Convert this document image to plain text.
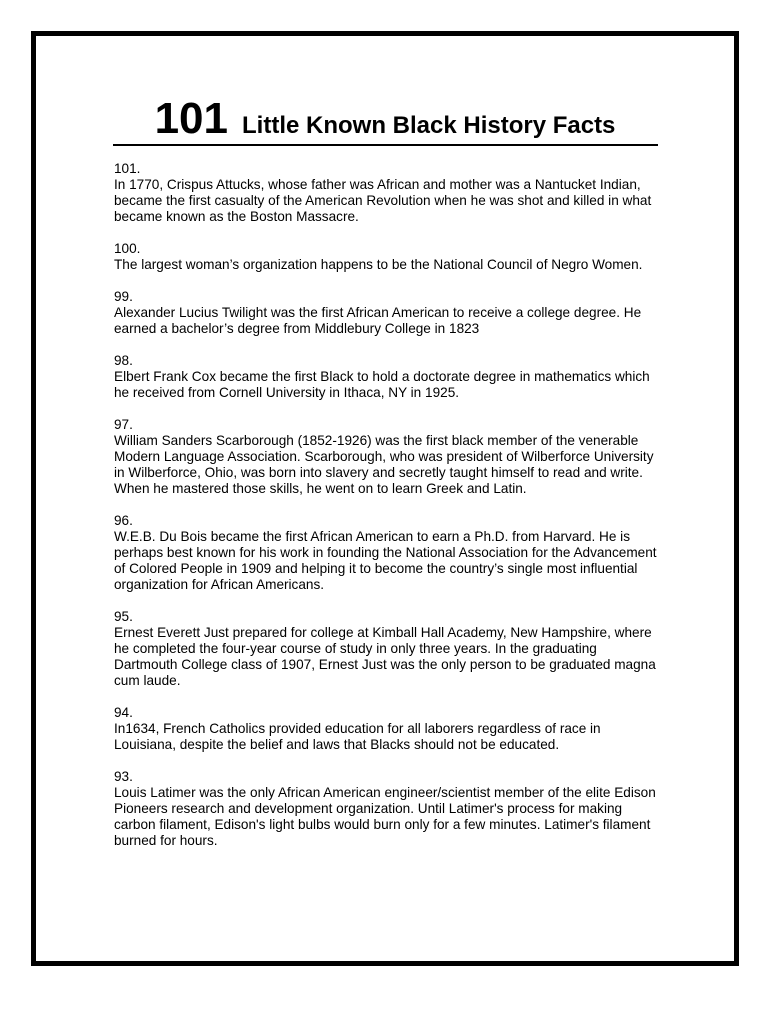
101 Little Known Black History Facts
101.
In 1770, Crispus Attucks, whose father was African and mother was a Nantucket Indian, became the first casualty of the American Revolution when he was shot and killed in what became known as the Boston Massacre.
100.
The largest woman’s organization happens to be the National Council of Negro Women.
99.
Alexander Lucius Twilight was the first African American to receive a college degree. He earned a bachelor’s degree from Middlebury College in 1823
98.
Elbert Frank Cox became the first Black to hold a doctorate degree in mathematics which he received from Cornell University in Ithaca, NY in 1925.
97.
William Sanders Scarborough (1852-1926) was the first black member of the venerable Modern Language Association. Scarborough, who was president of Wilberforce University in Wilberforce, Ohio, was born into slavery and secretly taught himself to read and write. When he mastered those skills, he went on to learn Greek and Latin.
96.
W.E.B. Du Bois became the first African American to earn a Ph.D. from Harvard. He is perhaps best known for his work in founding the National Association for the Advancement of Colored People in 1909 and helping it to become the country’s single most influential organization for African Americans.
95.
Ernest Everett Just prepared for college at Kimball Hall Academy, New Hampshire, where he completed the four-year course of study in only three years. In the graduating Dartmouth College class of 1907, Ernest Just was the only person to be graduated magna cum laude.
94.
In1634, French Catholics provided education for all laborers regardless of race in Louisiana, despite the belief and laws that Blacks should not be educated.
93.
Louis Latimer was the only African American engineer/scientist member of the elite Edison Pioneers research and development organization. Until Latimer's process for making carbon filament, Edison's light bulbs would burn only for a few minutes. Latimer's filament burned for hours.
